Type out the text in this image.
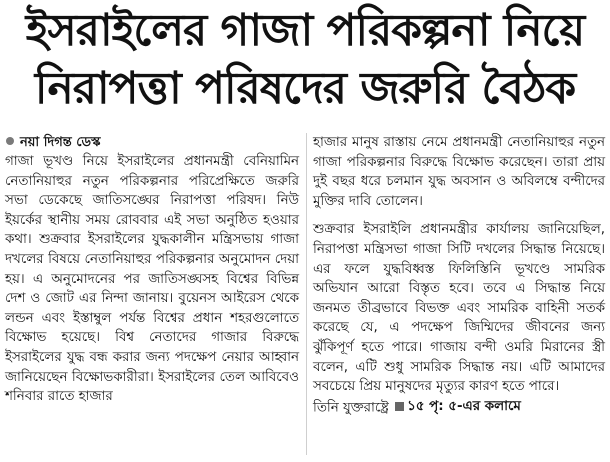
ইসরাইলের গাজা পরিকল্পনা নিয়ে
নিরাপত্তা পরিষদের জরুরি বৈঠক
নয়া দিগন্ত ডেস্ক

গাজা ভূখণ্ড নিয়ে ইসরাইলের প্রধানমন্ত্রী বেনিয়ামিন নেতানিয়াহুর নতুন পরিকল্পনার পরিপ্রেক্ষিতে জরুরি সভা ডেকেছে জাতিসঙ্ঘের নিরাপত্তা পরিষদ। নিউ ইয়র্কের স্থানীয় সময় রোববার এই সভা অনুষ্ঠিত হওয়ার কথা। শুক্রবার ইসরাইলের যুদ্ধকালীন মন্ত্রিসভায় গাজা দখলের বিষয়ে নেতানিয়াহুর পরিকল্পনার অনুমোদন দেয়া হয়। এ অনুমোদনের পর জাতিসঙ্ঘসহ বিশ্বের বিভিন্ন দেশ ও জোট এর নিন্দা জানায়। বুয়েনস আইরেস থেকে লন্ডন এবং ইস্তাম্বুল পর্যন্ত বিশ্বের প্রধান শহরগুলোতে বিক্ষোভ হয়েছে। বিশ্ব নেতাদের গাজার বিরুদ্ধে ইসরাইলের যুদ্ধ বন্ধ করার জন্য পদক্ষেপ নেয়ার আহ্বান জানিয়েছেন বিক্ষোভকারীরা। ইসরাইলের তেল আবিবেও শনিবার রাতে হাজার

হাজার মানুষ রাস্তায় নেমে প্রধানমন্ত্রী নেতানিয়াহুর নতুন গাজা পরিকল্পনার বিরুদ্ধে বিক্ষোভ করেছেন। তারা প্রায় দুই বছর ধরে চলমান যুদ্ধ অবসান ও অবিলম্বে বন্দীদের মুক্তির দাবি তোলেন।

শুক্রবার ইসরাইলি প্রধানমন্ত্রীর কার্যালয় জানিয়েছিল, নিরাপত্তা মন্ত্রিসভা গাজা সিটি দখলের সিদ্ধান্ত নিয়েছে। এর ফলে যুদ্ধবিধ্বস্ত ফিলিস্তিনি ভূখণ্ডে সামরিক অভিযান আরো বিস্তৃত হবে। তবে এ সিদ্ধান্ত নিয়ে জনমত তীব্রভাবে বিভক্ত এবং সামরিক বাহিনী সতর্ক করেছে যে, এ পদক্ষেপ জিম্মিদের জীবনের জন্য ঝুঁকিপূর্ণ হতে পারে। গাজায় বন্দী ওমরি মিরানের স্ত্রী বলেন, এটি শুধু সামরিক সিদ্ধান্ত নয়। এটি আমাদের সবচেয়ে প্রিয় মানুষদের মৃত্যুর কারণ হতে পারে।

তিনি যুক্তরাষ্ট্রে ১৫ পৃ: ৫-এর কলামে
